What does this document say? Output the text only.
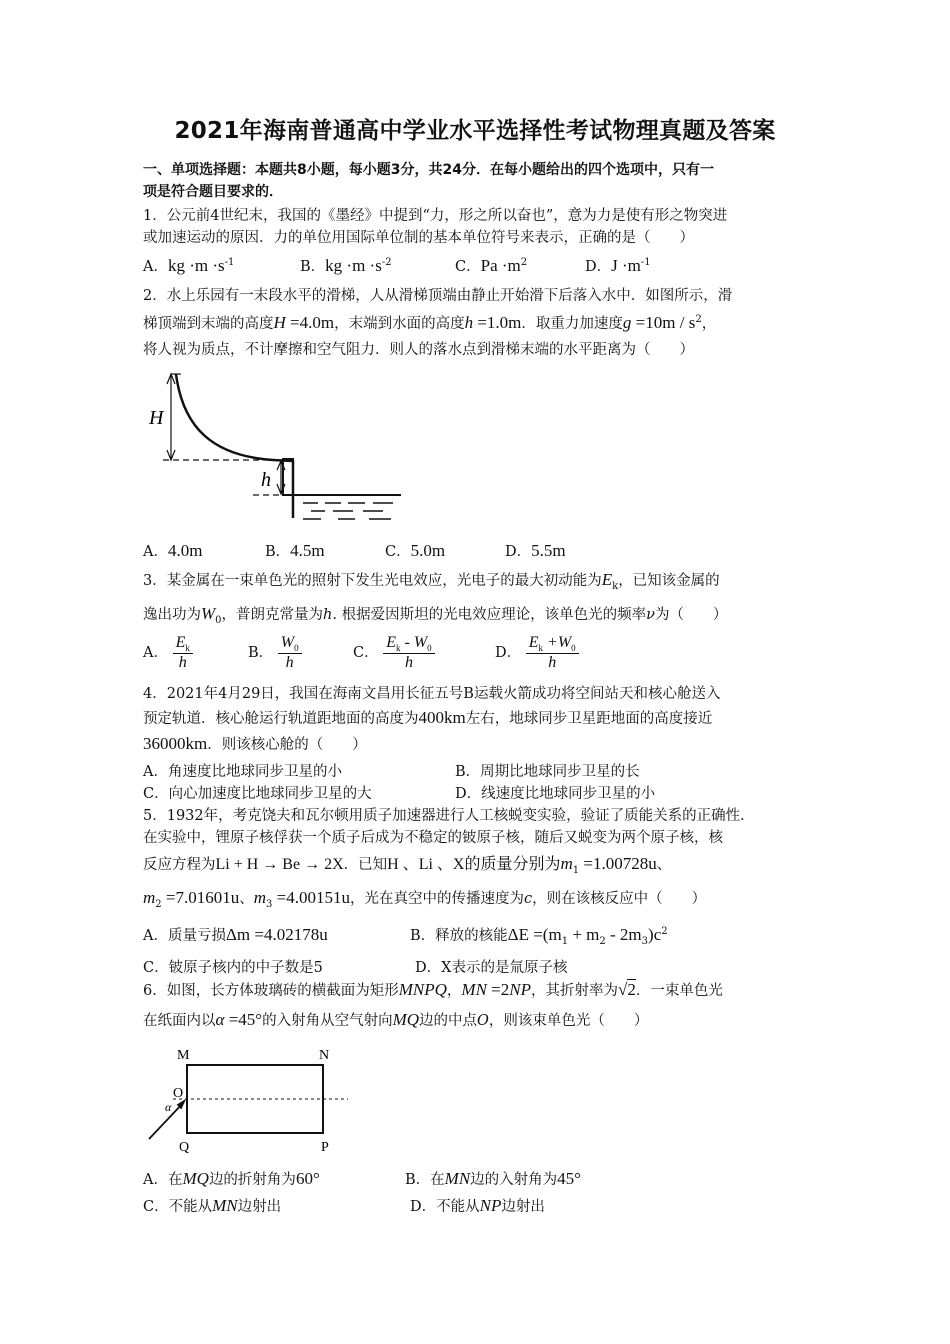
2021年海南普通高中学业水平选择性考试物理真题及答案
一、单项选择题：本题共8小题，每小题3分，共24分．在每小题给出的四个选项中，只有一
项是符合题目要求的．
1．公元前4世纪末，我国的《墨经》中提到“力，形之所以奋也”，意为力是使有形之物突进
或加速运动的原因．力的单位用国际单位制的基本单位符号来表示，正确的是（　　）
A．kg $\cdot m \cdot s^{-1}$	B．kg $\cdot m \cdot s^{-2}$	C．$Pa \cdot m^2$	D．$J \cdot m^{-1}$
2．水上乐园有一末段水平的滑梯，人从滑梯顶端由静止开始滑下后落入水中．如图所示，滑
梯顶端到末端的高度H =4.0m，末端到水面的高度h =1.0m．取重力加速度$g =10m / s^2$，
将人视为质点，不计摩擦和空气阻力．则人的落水点到滑梯末端的水平距离为（　　）
H
h
A．4.0m	B．4.5m	C．5.0m	D．5.5m
3．某金属在一束单色光的照射下发生光电效应，光电子的最大初动能为$E_k$，已知该金属的
逸出功为$W_0$，普朗克常量为h. 根据爱因斯坦的光电效应理论，该单色光的频率ν为（　　）
A． $\frac{E_k}{h}$	B． $\frac{W_0}{h}$	C． $\frac{E_k - W_0}{h}$	D． $\frac{E_k +W_0}{h}$
4．2021年4月29日，我国在海南文昌用长征五号B运载火箭成功将空间站天和核心舱送入
预定轨道．核心舱运行轨道距地面的高度为400km左右，地球同步卫星距地面的高度接近
36000km．则该核心舱的（　　）
A．角速度比地球同步卫星的小	B．周期比地球同步卫星的长
C．向心加速度比地球同步卫星的大	D．线速度比地球同步卫星的小
5．1932年，考克饶夫和瓦尔顿用质子加速器进行人工核蜕变实验，验证了质能关系的正确性．
在实验中，锂原子核俘获一个质子后成为不稳定的铍原子核，随后又蜕变为两个原子核，核
反应方程为Li + H → Be → 2X．已知H 、Li 、X的质量分别为$m_1 =1.00728u$、
$m_2 =7.01601u$、$m_3 =4.00151u$，光在真空中的传播速度为c，则在该核反应中（　　）
A．质量亏损Δm =4.02178u	B．释放的核能$\Delta E =(m_1 + m_2 - 2m_3)c^2$
C．铍原子核内的中子数是5	D．X表示的是氚原子核
6．如图，长方体玻璃砖的横截面为矩形MNPQ，MN =2NP，其折射率为√2．一束单色光
在纸面内以α =45°的入射角从空气射向MQ边的中点O，则该束单色光（　　）
M	N
O
α
Q	P
A．在MQ边的折射角为60°	B．在MN边的入射角为45°
C．不能从MN边射出	D．不能从NP边射出
